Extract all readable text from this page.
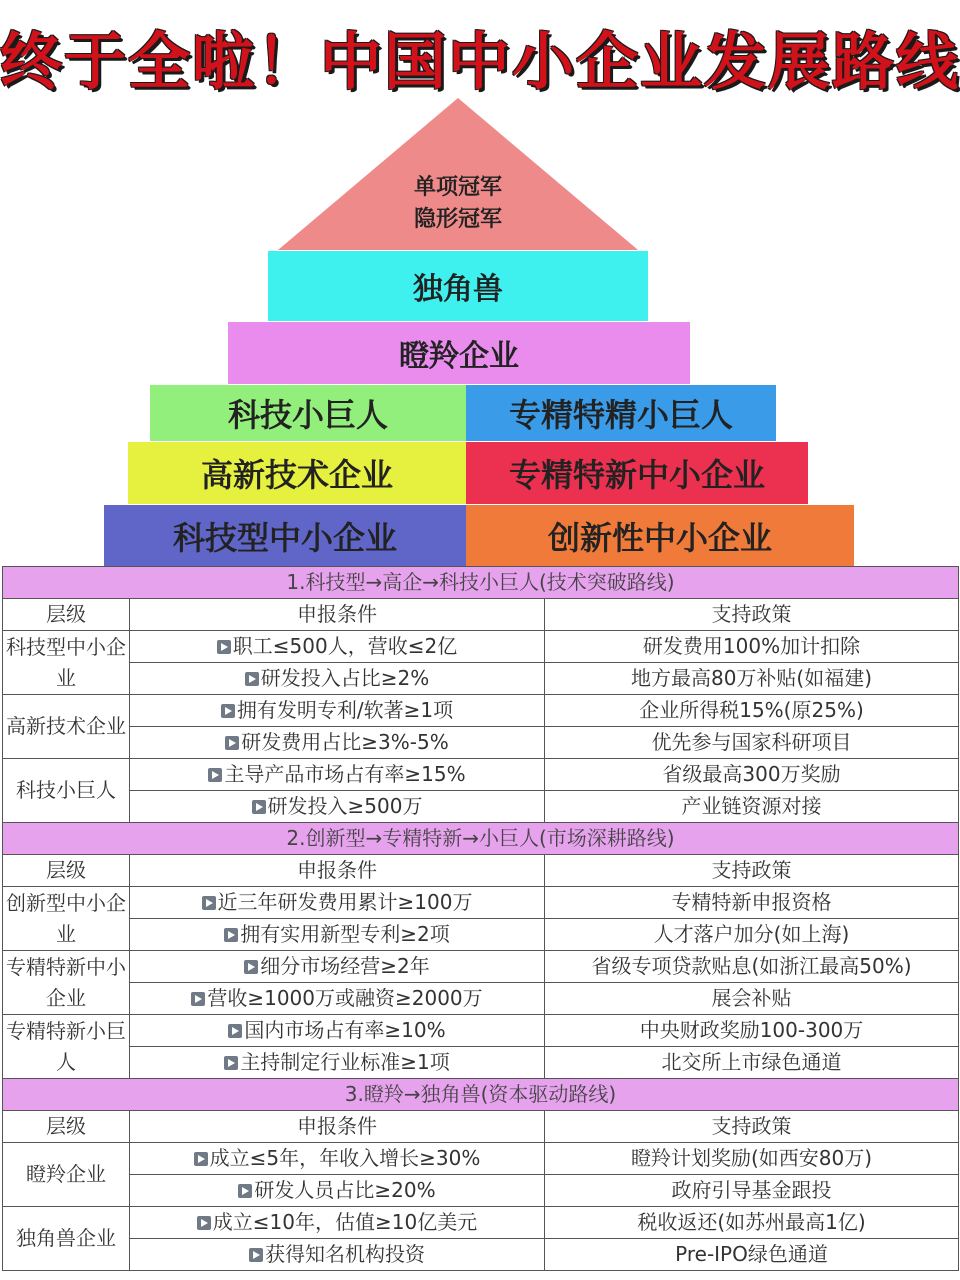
终于全啦！中国中小企业发展路线
单项冠军
隐形冠军
独角兽
瞪羚企业
科技小巨人	专精特精小巨人
高新技术企业	专精特新中小企业
科技型中小企业	创新性中小企业
1.科技型→高企→科技小巨人(技术突破路线)		
层级	申报条件	支持政策
科技型中小企业	职工≤500人，营收≤2亿	研发费用100%加计扣除
	研发投入占比≥2%	地方最高80万补贴(如福建)
高新技术企业	拥有发明专利/软著≥1项	企业所得税15%(原25%)
	研发费用占比≥3%-5%	优先参与国家科研项目
科技小巨人	主导产品市场占有率≥15%	省级最高300万奖励
	研发投入≥500万	产业链资源对接
2.创新型→专精特新→小巨人(市场深耕路线)		
层级	申报条件	支持政策
创新型中小企业	近三年研发费用累计≥100万	专精特新申报资格
	拥有实用新型专利≥2项	人才落户加分(如上海)
专精特新中小企业	细分市场经营≥2年	省级专项贷款贴息(如浙江最高50%)
	营收≥1000万或融资≥2000万	展会补贴
专精特新小巨人	国内市场占有率≥10%	中央财政奖励100-300万
	主持制定行业标准≥1项	北交所上市绿色通道
3.瞪羚→独角兽(资本驱动路线)		
层级	申报条件	支持政策
瞪羚企业	成立≤5年，年收入增长≥30%	瞪羚计划奖励(如西安80万)
	研发人员占比≥20%	政府引导基金跟投
独角兽企业	成立≤10年，估值≥10亿美元	税收返还(如苏州最高1亿)
	获得知名机构投资	Pre-IPO绿色通道
